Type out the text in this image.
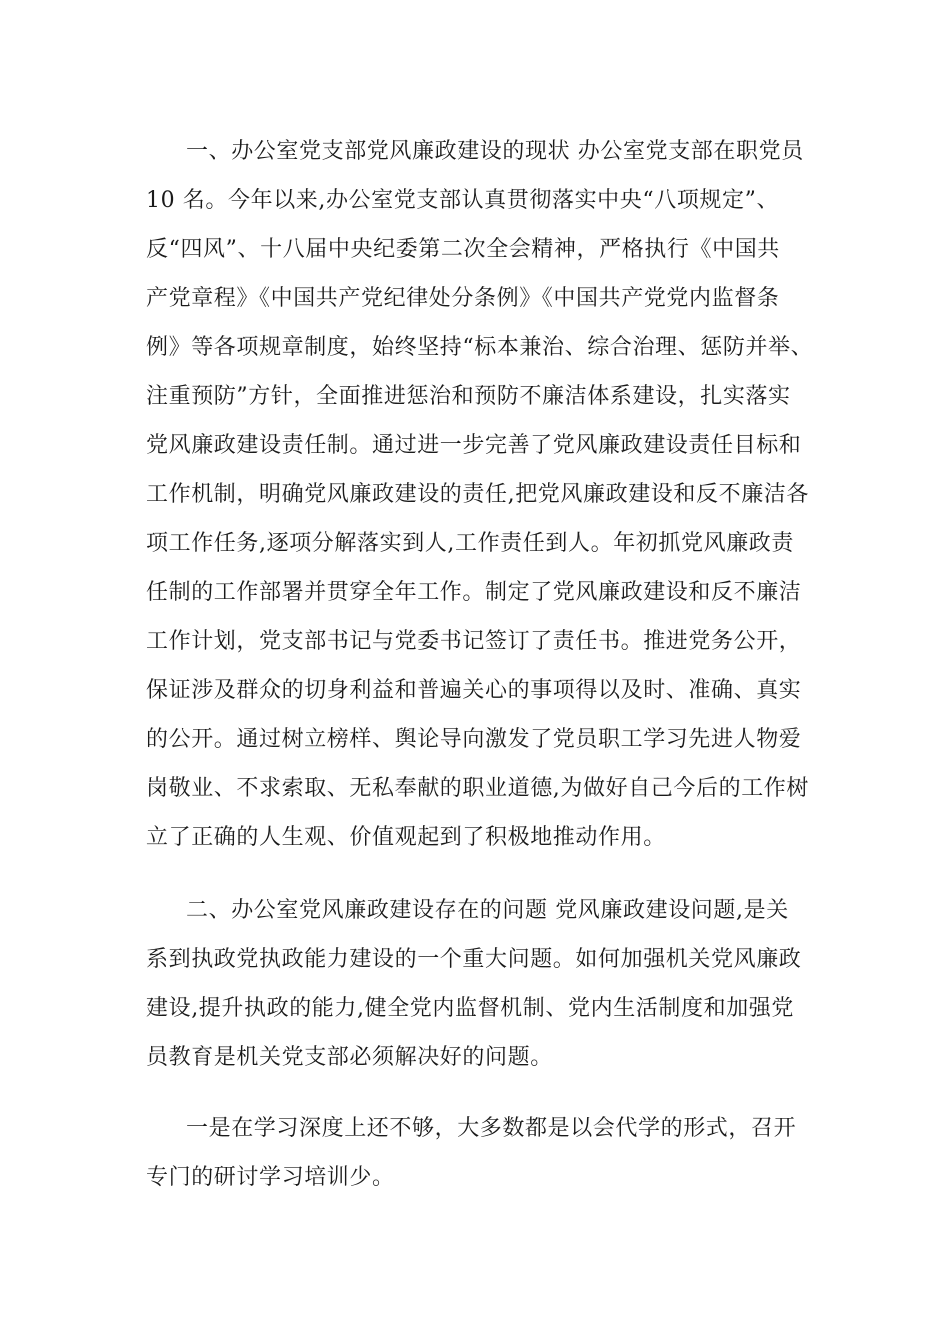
一、办公室党支部党风廉政建设的现状 办公室党支部在职党员
10 名。今年以来,办公室党支部认真贯彻落实中央“八项规定”、
反“四风”、十八届中央纪委第二次全会精神，严格执行《中国共
产党章程》《中国共产党纪律处分条例》《中国共产党党内监督条
例》等各项规章制度，始终坚持“标本兼治、综合治理、惩防并举、
注重预防”方针，全面推进惩治和预防不廉洁体系建设，扎实落实
党风廉政建设责任制。通过进一步完善了党风廉政建设责任目标和
工作机制，明确党风廉政建设的责任,把党风廉政建设和反不廉洁各
项工作任务,逐项分解落实到人,工作责任到人。年初抓党风廉政责
任制的工作部署并贯穿全年工作。制定了党风廉政建设和反不廉洁
工作计划，党支部书记与党委书记签订了责任书。推进党务公开，
保证涉及群众的切身利益和普遍关心的事项得以及时、准确、真实
的公开。通过树立榜样、舆论导向激发了党员职工学习先进人物爱
岗敬业、不求索取、无私奉献的职业道德,为做好自己今后的工作树
立了正确的人生观、价值观起到了积极地推动作用。
二、办公室党风廉政建设存在的问题 党风廉政建设问题,是关
系到执政党执政能力建设的一个重大问题。如何加强机关党风廉政
建设,提升执政的能力,健全党内监督机制、党内生活制度和加强党
员教育是机关党支部必须解决好的问题。
一是在学习深度上还不够，大多数都是以会代学的形式，召开
专门的研讨学习培训少。
